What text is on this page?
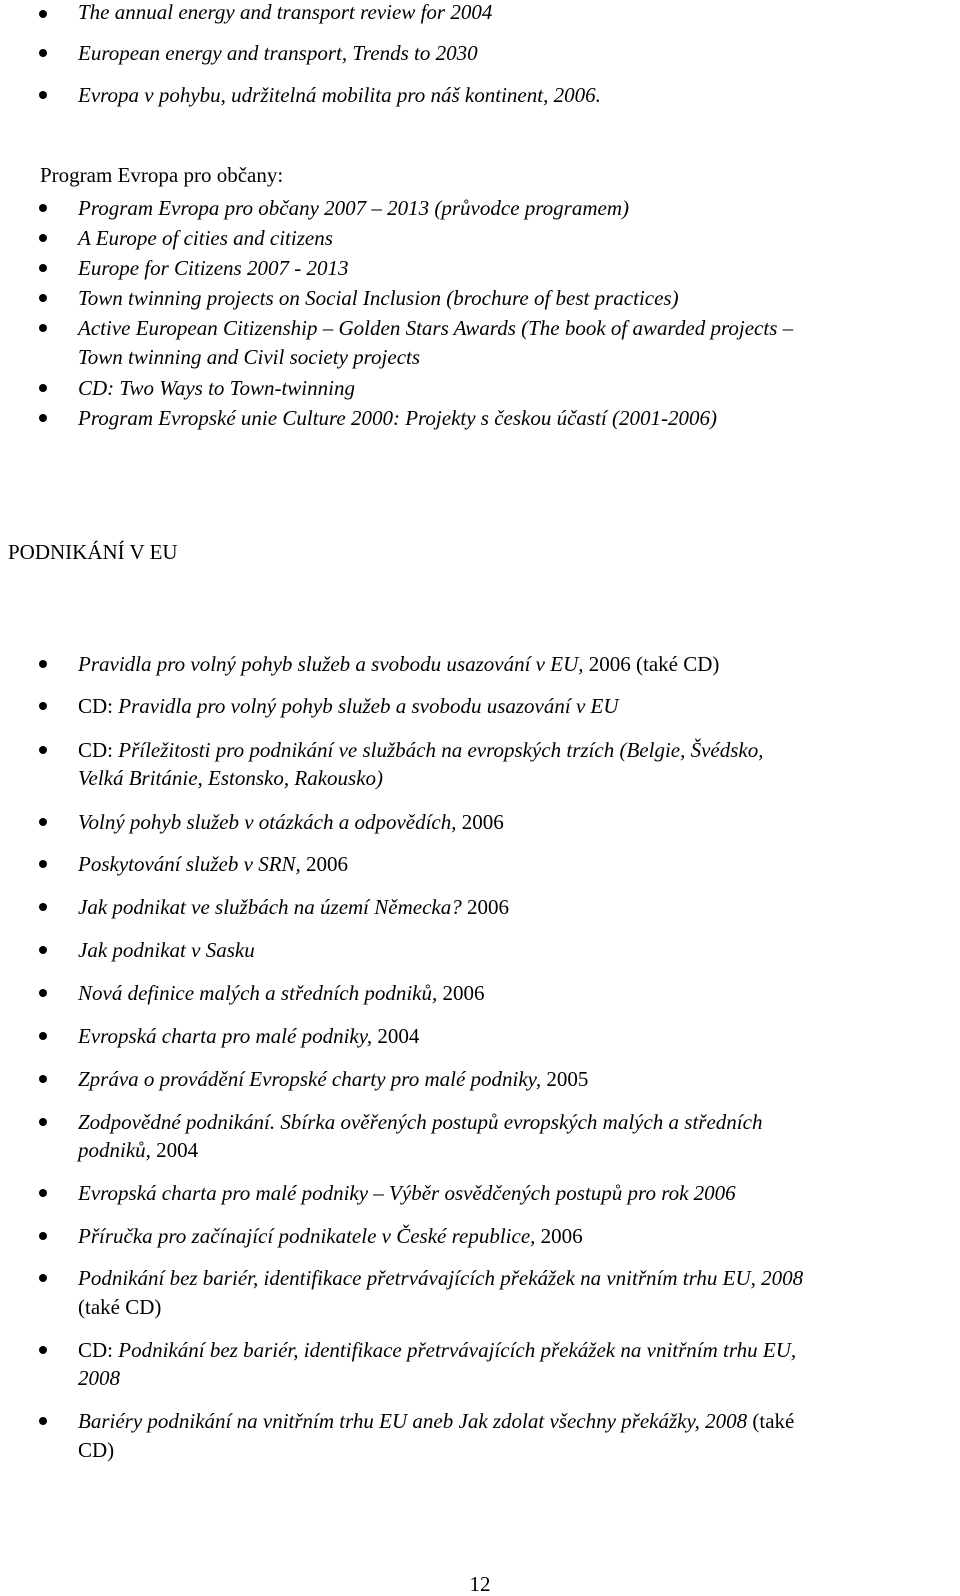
The annual energy and transport review for 2004
European energy and transport, Trends to 2030
Evropa v pohybu, udržitelná mobilita pro náš kontinent, 2006.
Program Evropa pro občany:
Program Evropa pro občany 2007 – 2013 (průvodce programem)
A Europe of cities and citizens
Europe for Citizens 2007 - 2013
Town twinning projects on Social Inclusion (brochure of best practices)
Active European Citizenship – Golden Stars Awards (The book of awarded projects –
Town twinning and Civil society projects
CD: Two Ways to Town-twinning
Program Evropské unie Culture 2000: Projekty s českou účastí (2001-2006)
PODNIKÁNÍ V EU
Pravidla pro volný pohyb služeb a svobodu usazování v EU, 2006 (také CD)
CD: Pravidla pro volný pohyb služeb a svobodu usazování v EU
CD: Příležitosti pro podnikání ve službách na evropských trzích (Belgie, Švédsko,
Velká Británie, Estonsko, Rakousko)
Volný pohyb služeb v otázkách a odpovědích, 2006
Poskytování služeb v SRN, 2006
Jak podnikat ve službách na území Německa? 2006
Jak podnikat v Sasku
Nová definice malých a středních podniků, 2006
Evropská charta pro malé podniky, 2004
Zpráva o provádění Evropské charty pro malé podniky, 2005
Zodpovědné podnikání. Sbírka ověřených postupů evropských malých a středních
podniků, 2004
Evropská charta pro malé podniky – Výběr osvědčených postupů pro rok 2006
Příručka pro začínající podnikatele v České republice, 2006
Podnikání bez bariér, identifikace přetrvávajících překážek na vnitřním trhu EU, 2008
(také CD)
CD: Podnikání bez bariér, identifikace přetrvávajících překážek na vnitřním trhu EU,
2008
Bariéry podnikání na vnitřním trhu EU aneb Jak zdolat všechny překážky, 2008 (také
CD)
12
